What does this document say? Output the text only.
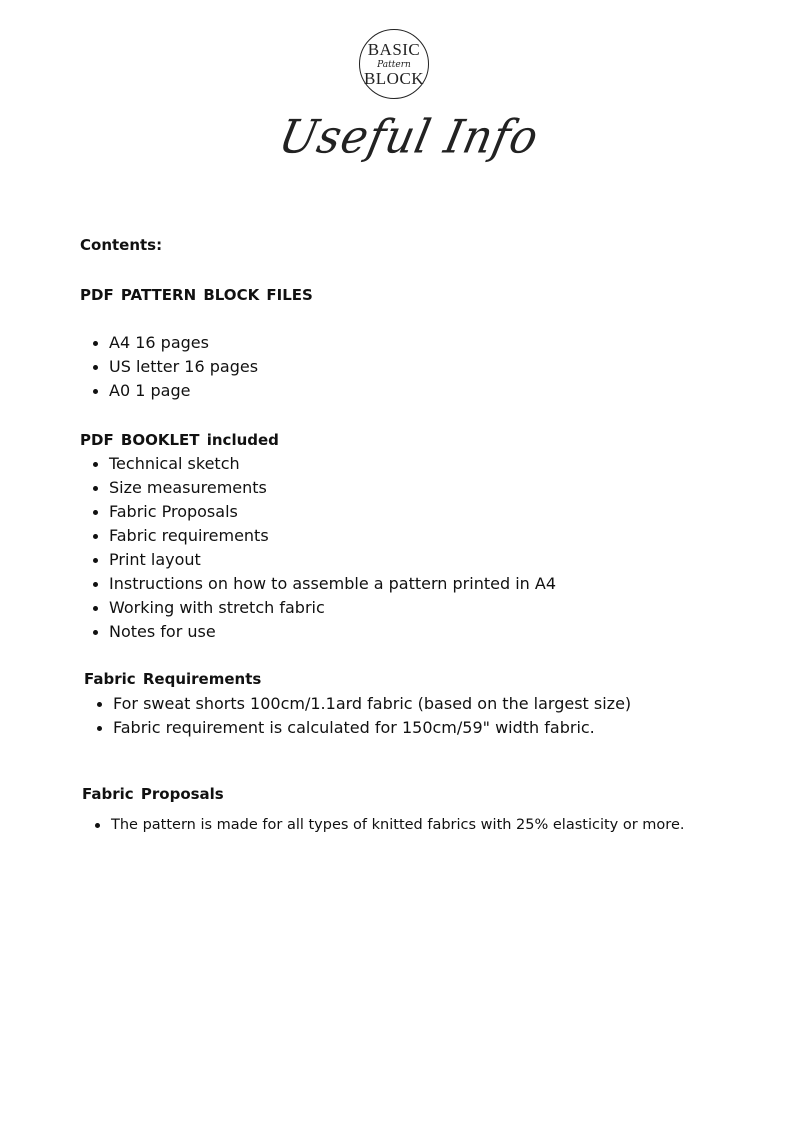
BASIC
Pattern
BLOCK
Useful Info
Contents:
PDF PATTERN BLOCK FILES
A4 16 pages
US letter 16 pages
A0 1 page
PDF BOOKLET included
Technical sketch
Size measurements
Fabric Proposals
Fabric requirements
Print layout
Instructions on how to assemble a pattern printed in A4
Working with stretch fabric
Notes for use
Fabric Requirements
For sweat shorts 100cm/1.1ard fabric (based on the largest size)
Fabric requirement is calculated for 150cm/59" width fabric.
Fabric Proposals
The pattern is made for all types of knitted fabrics with 25% elasticity or more.
